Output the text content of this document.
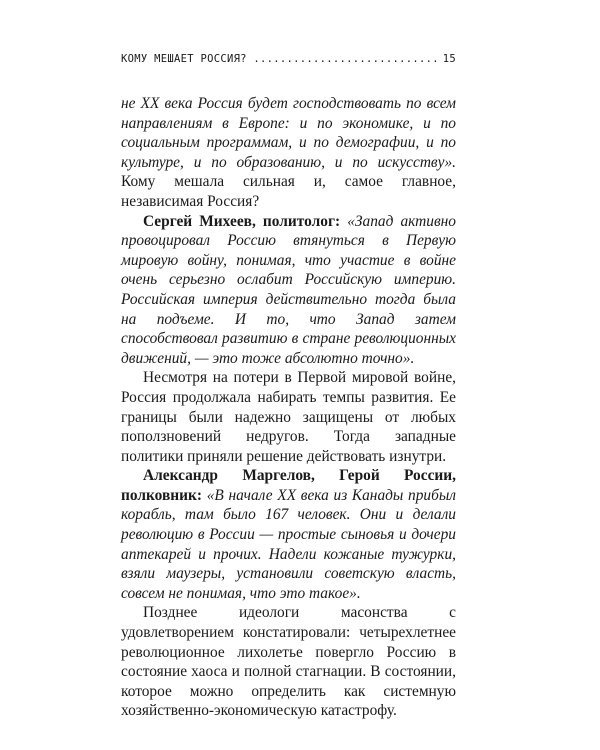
КОМУ МЕШАЕТ РОССИЯ? .....	15

не XX века Россия будет господствовать по всем направлениям в Европе: и по экономике, и по социальным программам, и по демографии, и по культуре, и по образованию, и по искусству». Кому мешала сильная и, самое главное, независимая Россия?

Сергей Михеев, политолог: «Запад активно провоцировал Россию втянуться в Первую мировую войну, понимая, что участие в войне очень серьезно ослабит Российскую империю. Российская империя действительно тогда была на подъеме. И то, что Запад затем способствовал развитию в стране революционных движений, — это тоже абсолютно точно».

Несмотря на потери в Первой мировой войне, Россия продолжала набирать темпы развития. Ее границы были надежно защищены от любых поползновений недругов. Тогда западные политики приняли решение действовать изнутри.

Александр Маргелов, Герой России, полковник: «В начале XX века из Канады прибыл корабль, там было 167 человек. Они и делали революцию в России — простые сыновья и дочери аптекарей и прочих. Надели кожаные тужурки, взяли маузеры, установили советскую власть, совсем не понимая, что это такое».

Позднее идеологи масонства с удовлетворением констатировали: четырехлетнее революционное лихолетье повергло Россию в состояние хаоса и полной стагнации. В состоянии, которое можно определить как системную хозяйственно-экономическую катастрофу.
